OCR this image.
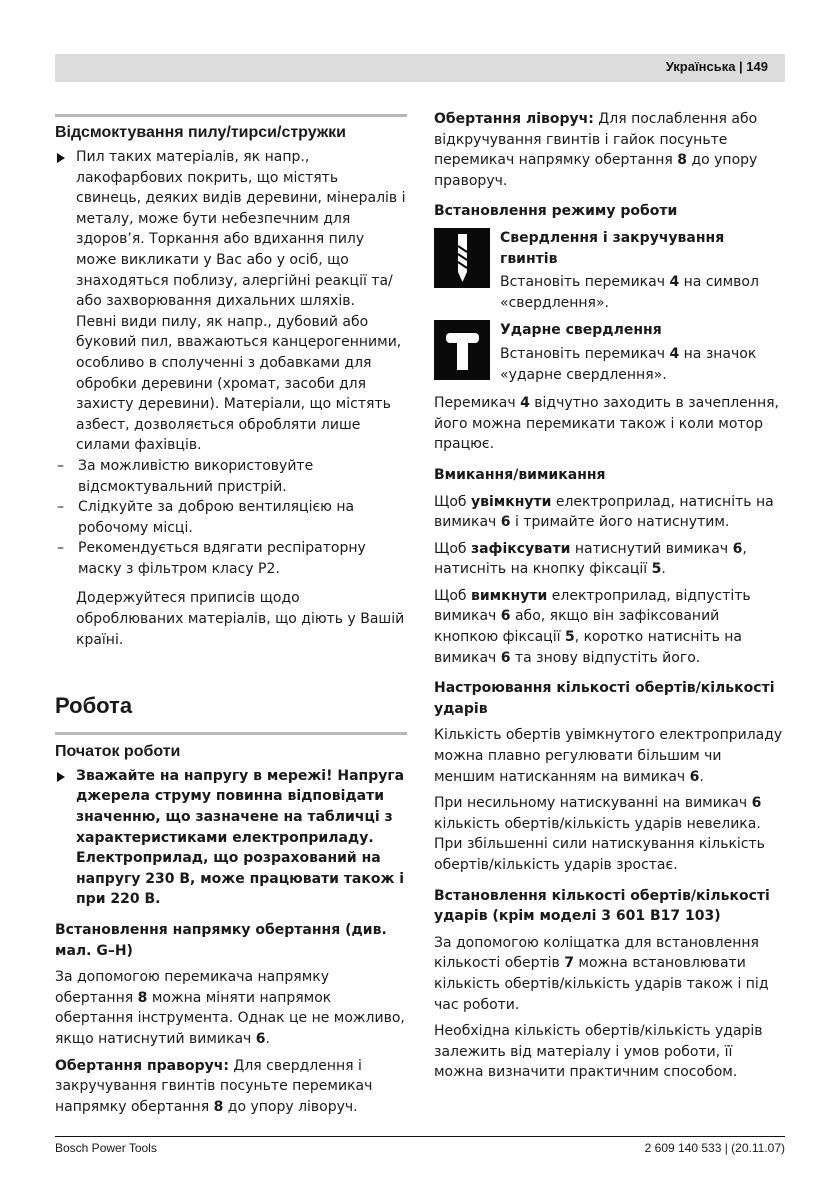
Українська | 149
Відсмоктування пилу/тирси/стружки

Пил таких матеріалів, як напр., лакофарбових покрить, що містять свинець, деяких видів деревини, мінералів і металу, може бути небезпечним для здоров’я. Торкання або вдихання пилу може викликати у Вас або у осіб, що знаходяться поблизу, алергійні реакції та/або захворювання дихальних шляхів.

Певні види пилу, як напр., дубовий або буковий пил, вважаються канцерогенними, особливо в сполученні з добавками для обробки деревини (хромат, засоби для захисту деревини). Матеріали, що містять азбест, дозволяється обробляти лише силами фахівців.

– За можливістю використовуйте відсмоктувальний пристрій.

– Слідкуйте за доброю вентиляцією на робочому місці.

– Рекомендується вдягати респіраторну маску з фільтром класу Р2.

Додержуйтеся приписів щодо оброблюваних матеріалів, що діють у Вашій країні.

Робота
Початок роботи

Зважайте на напругу в мережі! Напруга джерела струму повинна відповідати значенню, що зазначене на табличці з характеристиками електроприладу. Електроприлад, що розрахований на напругу 230 В, може працювати також і при 220 В.

Встановлення напрямку обертання (див. мал. G–H)

За допомогою перемикача напрямку обертання 8 можна міняти напрямок обертання інструмента. Однак це не можливо, якщо натиснутий вимикач 6.

Обертання праворуч: Для свердлення і закручування гвинтів посуньте перемикач напрямку обертання 8 до упору ліворуч.

Обертання ліворуч: Для послаблення або відкручування гвинтів і гайок посуньте перемикач напрямку обертання 8 до упору праворуч.

Встановлення режиму роботи

Свердлення і закручування гвинтів

Встановіть перемикач 4 на символ «свердлення».

Ударне свердлення

Встановіть перемикач 4 на значок «ударне свердлення».

Перемикач 4 відчутно заходить в зачеплення, його можна перемикати також і коли мотор працює.

Вмикання/вимикання

Щоб увімкнути електроприлад, натисніть на вимикач 6 і тримайте його натиснутим.

Щоб зафіксувати натиснутий вимикач 6, натисніть на кнопку фіксації 5.

Щоб вимкнути електроприлад, відпустіть вимикач 6 або, якщо він зафіксований кнопкою фіксації 5, коротко натисніть на вимикач 6 та знову відпустіть його.

Настроювання кількості обертів/кількості ударів

Кількість обертів увімкнутого електроприладу можна плавно регулювати більшим чи меншим натисканням на вимикач 6.

При несильному натискуванні на вимикач 6 кількість обертів/кількість ударів невелика. При збільшенні сили натискування кількість обертів/кількість ударів зростає.

Встановлення кількості обертів/кількості ударів (крім моделі 3 601 B17 103)

За допомогою коліщатка для встановлення кількості обертів 7 можна встановлювати кількість обертів/кількість ударів також і під час роботи.

Необхідна кількість обертів/кількість ударів залежить від матеріалу і умов роботи, її можна визначити практичним способом.

Bosch Power Tools	2 609 140 533 | (20.11.07)
